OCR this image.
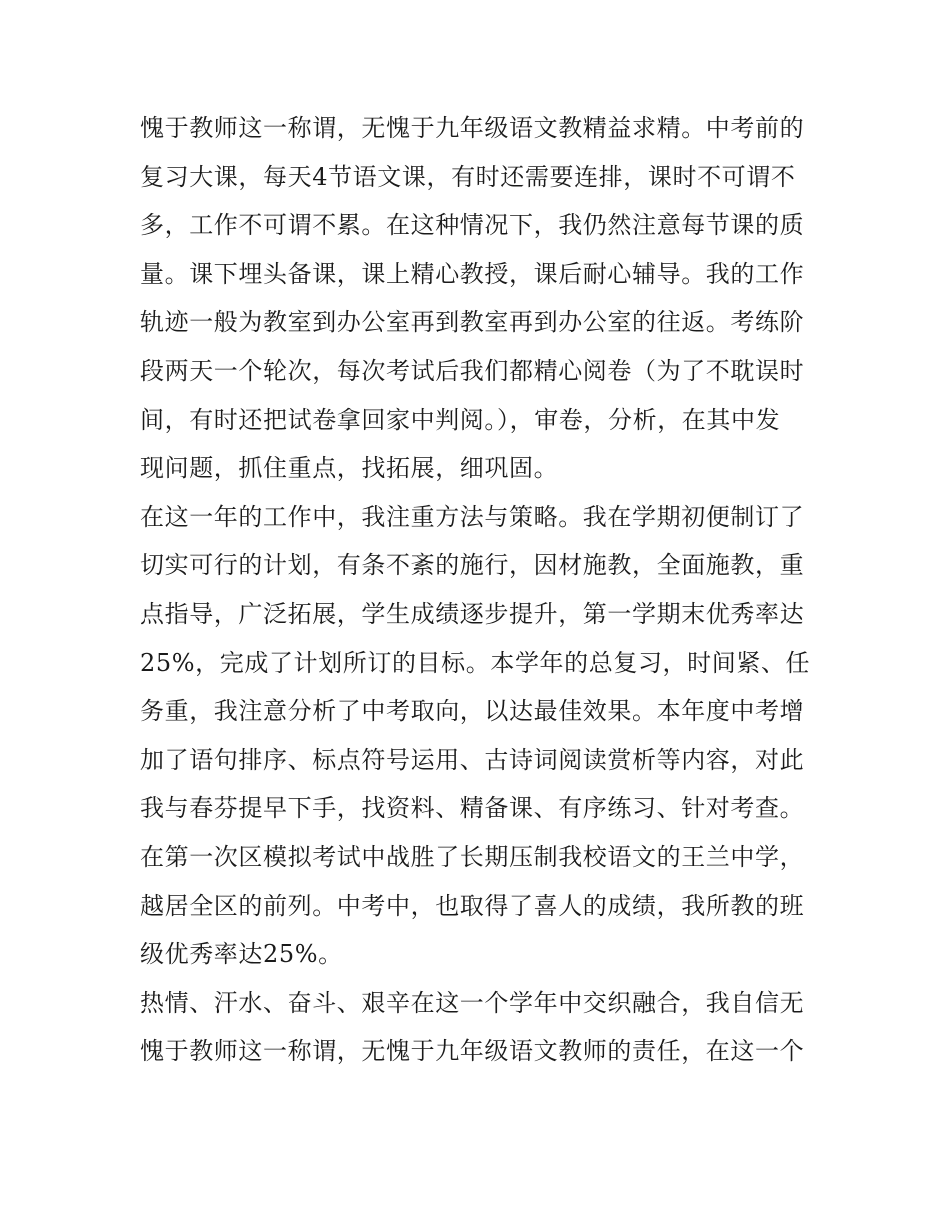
愧于教师这一称谓，无愧于九年级语文教精益求精。中考前的
复习大课，每天4节语文课，有时还需要连排，课时不可谓不
多，工作不可谓不累。在这种情况下，我仍然注意每节课的质
量。课下埋头备课，课上精心教授，课后耐心辅导。我的工作
轨迹一般为教室到办公室再到教室再到办公室的往返。考练阶
段两天一个轮次，每次考试后我们都精心阅卷（为了不耽误时
间，有时还把试卷拿回家中判阅。），审卷，分析，在其中发
现问题，抓住重点，找拓展，细巩固。
在这一年的工作中，我注重方法与策略。我在学期初便制订了
切实可行的计划，有条不紊的施行，因材施教，全面施教，重
点指导，广泛拓展，学生成绩逐步提升，第一学期末优秀率达
25%，完成了计划所订的目标。本学年的总复习，时间紧、任
务重，我注意分析了中考取向，以达最佳效果。本年度中考增
加了语句排序、标点符号运用、古诗词阅读赏析等内容，对此
我与春芬提早下手，找资料、精备课、有序练习、针对考查。
在第一次区模拟考试中战胜了长期压制我校语文的王兰中学，
越居全区的前列。中考中，也取得了喜人的成绩，我所教的班
级优秀率达25%。
热情、汗水、奋斗、艰辛在这一个学年中交织融合，我自信无
愧于教师这一称谓，无愧于九年级语文教师的责任，在这一个
